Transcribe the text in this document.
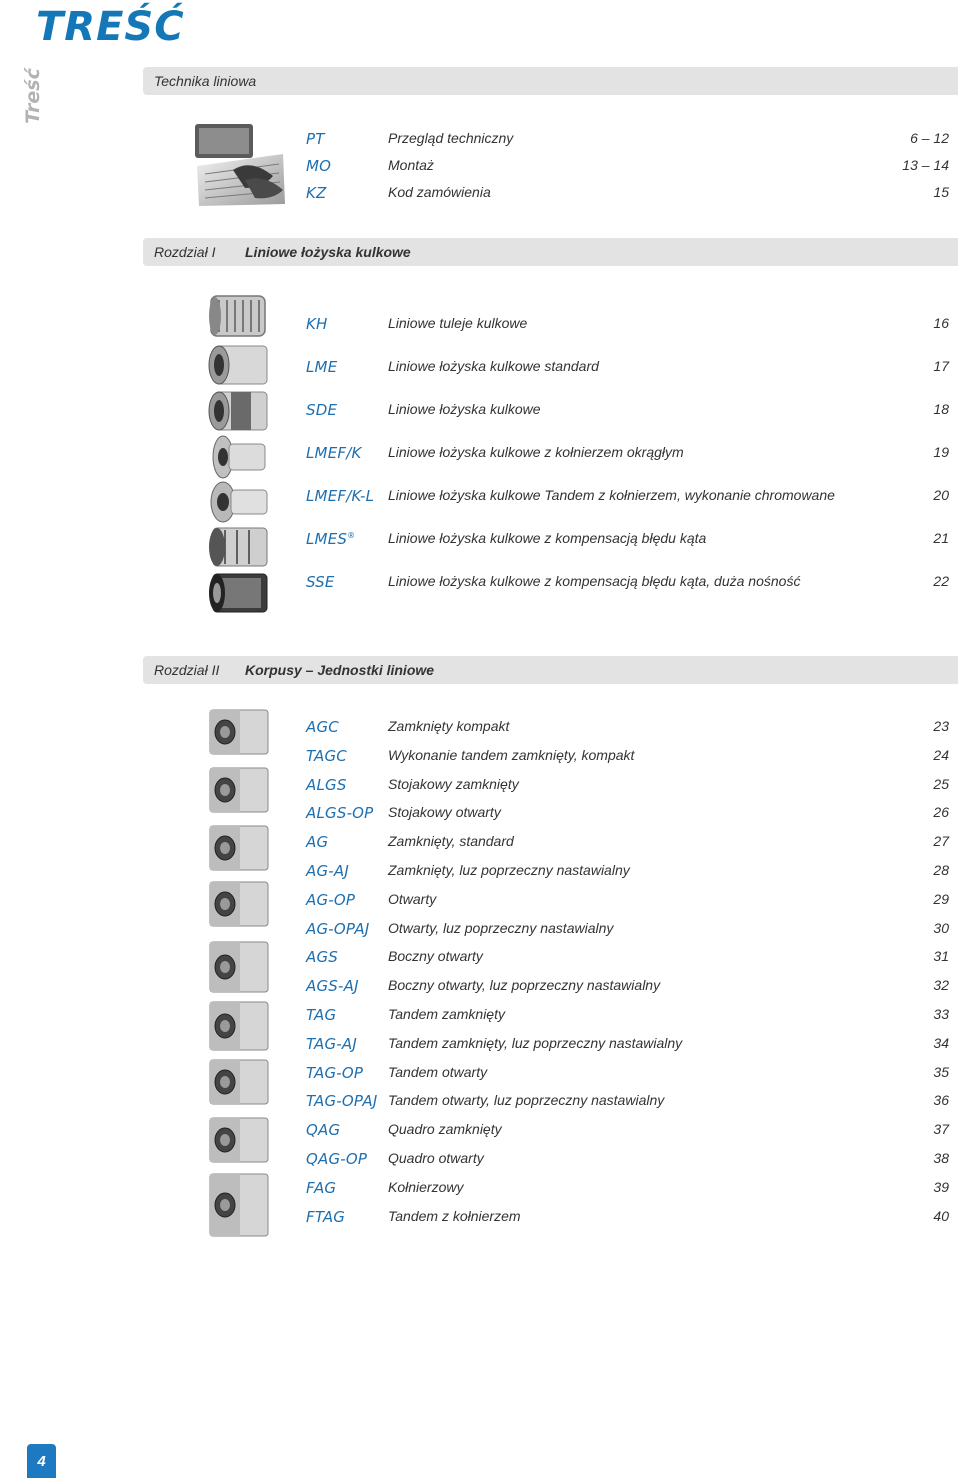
TREŚĆ
Treść	Technika liniowa
PT	Przegląd techniczny	6 – 12
MO	Montaż	13 – 14
KZ	Kod zamówienia	15
Rozdział I Liniowe łożyska kulkowe
KH	Liniowe tuleje kulkowe	16
LME	Liniowe łożyska kulkowe standard	17
SDE	Liniowe łożyska kulkowe	18
LMEF/K Liniowe łożyska kulkowe z kołnierzem okrągłym	19
LMEF/K-L Liniowe łożyska kulkowe Tandem z kołnierzem, wykonanie chromowane	20
LMES® Liniowe łożyska kulkowe z kompensacją błędu kąta	21
SSE	Liniowe łożyska kulkowe z kompensacją błędu kąta, duża nośność	22
Rozdział II Korpusy – Jednostki liniowe
AGC	Zamknięty kompakt	23
TAGC	Wykonanie tandem zamknięty, kompakt	24
ALGS	Stojakowy zamknięty	25
ALGS-OP Stojakowy otwarty	26
AG	Zamknięty, standard	27
AG-AJ	Zamknięty, luz poprzeczny nastawialny	28
AG-OP Otwarty	29
AG-OPAJ Otwarty, luz poprzeczny nastawialny	30
AGS	Boczny otwarty	31
AGS-AJ Boczny otwarty, luz poprzeczny nastawialny	32
TAG	Tandem zamknięty	33
TAG-AJ Tandem zamknięty, luz poprzeczny nastawialny	34
TAG-OP Tandem otwarty	35
TAG-OPAJ Tandem otwarty, luz poprzeczny nastawialny	36
QAG	Quadro zamknięty	37
QAG-OP Quadro otwarty	38
FAG	Kołnierzowy	39
FTAG	Tandem z kołnierzem	40
4
